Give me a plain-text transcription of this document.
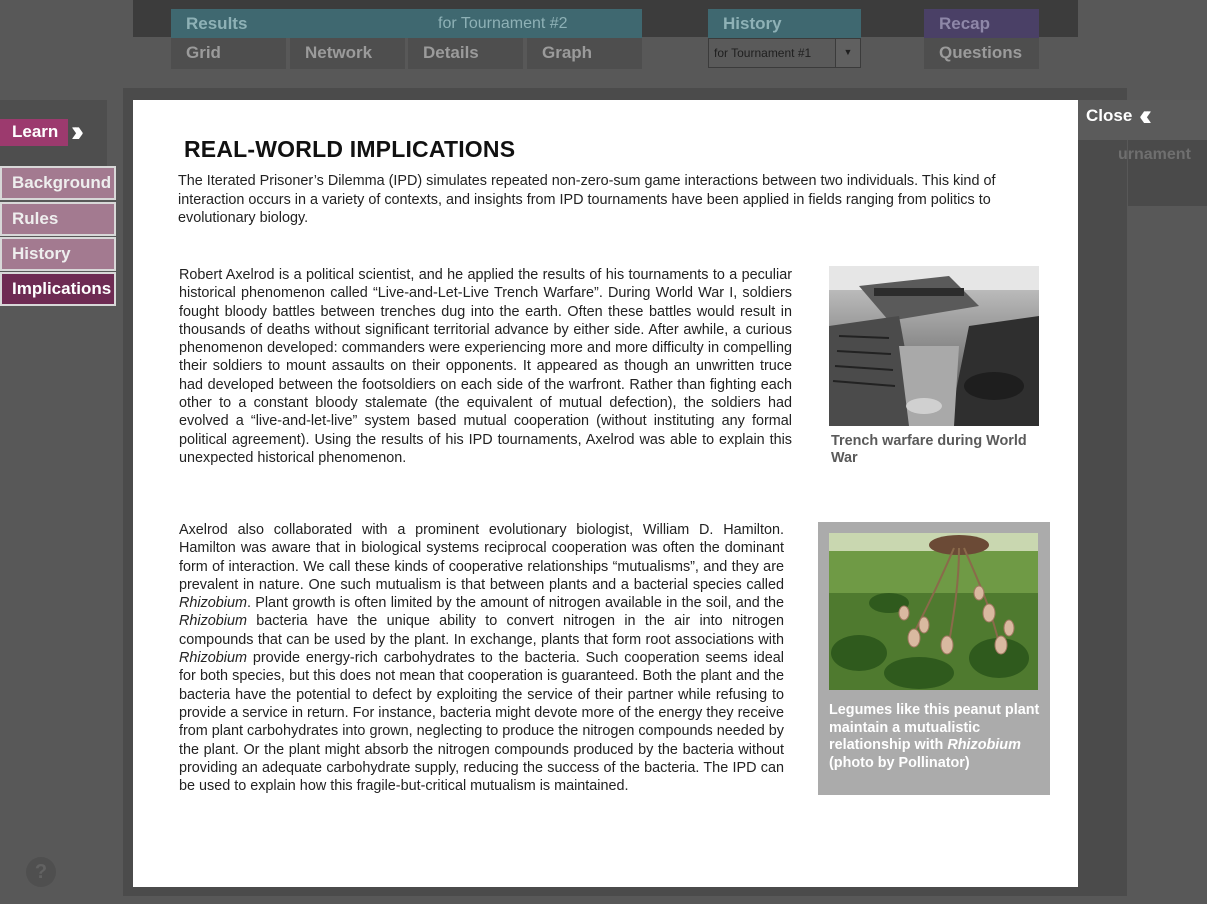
Results	for Tournament #2
Grid	Network	Details	Graph
History
for Tournament #1	▼
Recap
Questions
urnament
Learn ››
Background
Rules
History
Implications
?
Close ‹‹
REAL-WORLD IMPLICATIONS
The Iterated Prisoner’s Dilemma (IPD) simulates repeated non-zero-sum game interactions between two individuals. This kind of interaction occurs in a variety of contexts, and insights from IPD tournaments have been applied in fields ranging from politics to evolutionary biology.
Robert Axelrod is a political scientist, and he applied the results of his tournaments to a peculiar historical phenomenon called “Live-and-Let-Live Trench Warfare”. During World War I, soldiers fought bloody battles between trenches dug into the earth. Often these battles would result in thousands of deaths without significant territorial advance by either side. After awhile, a curious phenomenon developed: commanders were experiencing more and more difficulty in compelling their soldiers to mount assaults on their opponents. It appeared as though an unwritten truce had developed between the footsoldiers on each side of the warfront. Rather than fighting each other to a constant bloody stalemate (the equivalent of mutual defection), the soldiers had evolved a “live-and-let-live” system based mutual cooperation (without instituting any formal political agreement). Using the results of his IPD tournaments, Axelrod was able to explain this unexpected historical phenomenon.
Axelrod also collaborated with a prominent evolutionary biologist, William D. Hamilton. Hamilton was aware that in biological systems reciprocal cooperation was often the dominant form of interaction. We call these kinds of cooperative relationships “mutualisms”, and they are prevalent in nature. One such mutualism is that between plants and a bacterial species called Rhizobium. Plant growth is often limited by the amount of nitrogen available in the soil, and the Rhizobium bacteria have the unique ability to convert nitrogen in the air into nitrogen compounds that can be used by the plant. In exchange, plants that form root associations with Rhizobium provide energy-rich carbohydrates to the bacteria. Such cooperation seems ideal for both species, but this does not mean that cooperation is guaranteed. Both the plant and the bacteria have the potential to defect by exploiting the service of their partner while refusing to provide a service in return. For instance, bacteria might devote more of the energy they receive from plant carbohydrates into grown, neglecting to produce the nitrogen compounds needed by the plant. Or the plant might absorb the nitrogen compounds produced by the bacteria without providing an adequate carbohydrate supply, reducing the success of the bacteria. The IPD can be used to explain how this fragile-but-critical mutualism is maintained.
Trench warfare during World War
Legumes like this peanut plant maintain a mutualistic relationship with Rhizobium (photo by Pollinator)
